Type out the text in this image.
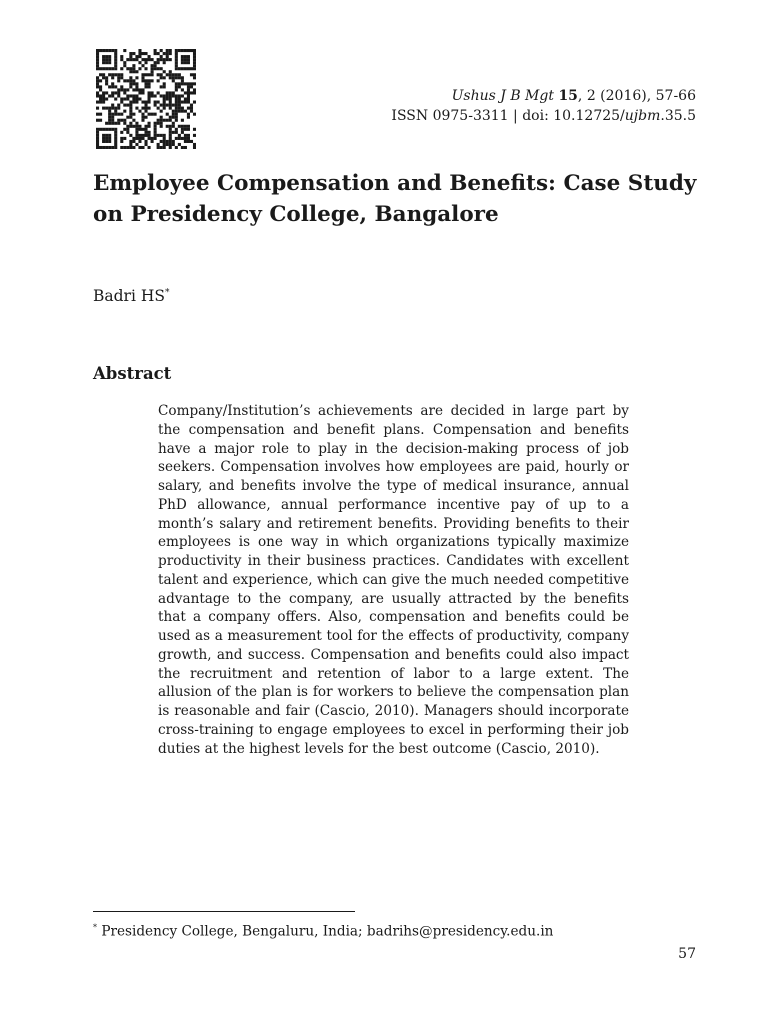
Ushus J B Mgt 15, 2 (2016), 57-66
ISSN 0975-3311 | doi: 10.12725/ujbm.35.5
Employee Compensation and Benefits: Case Study on Presidency College, Bangalore
Badri HS*
Abstract

Company/Institution’s achievements are decided in large part by the compensation and benefit plans. Compensation and benefits have a major role to play in the decision-making process of job seekers. Compensation involves how employees are paid, hourly or salary, and benefits involve the type of medical insurance, annual PhD allowance, annual performance incentive pay of up to a month’s salary and retirement benefits. Providing benefits to their employees is one way in which organizations typically maximize productivity in their business practices. Candidates with excellent talent and experience, which can give the much needed competitive advantage to the company, are usually attracted by the benefits that a company offers. Also, compensation and benefits could be used as a measurement tool for the effects of productivity, company growth, and success. Compensation and benefits could also impact the recruitment and retention of labor to a large extent. The allusion of the plan is for workers to believe the compensation plan is reasonable and fair (Cascio, 2010). Managers should incorporate cross-training to engage employees to excel in performing their job duties at the highest levels for the best outcome (Cascio, 2010).

* Presidency College, Bengaluru, India; badrihs@presidency.edu.in
57
